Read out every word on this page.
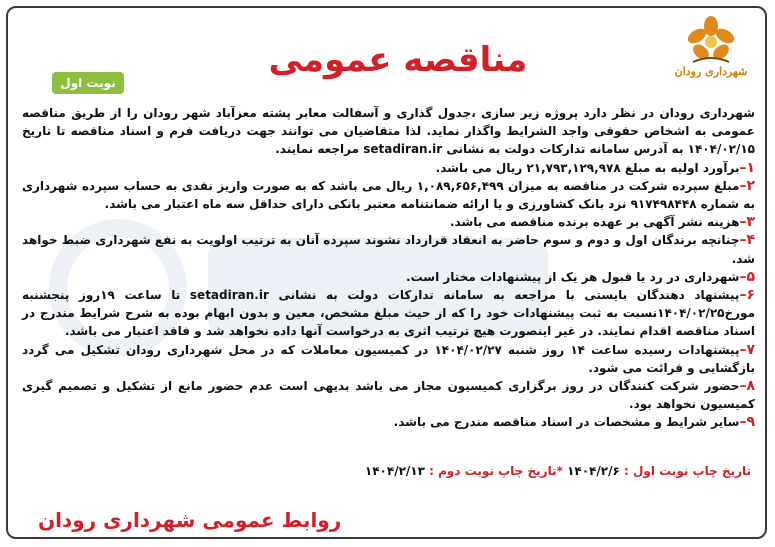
شهرداری رودان
مناقصه عمومی
نوبت اول

شهرداری رودان در نظر دارد پروژه زیر سازی ،جدول گذاری و آسفالت معابر پشته معزآباد شهر رودان را از طریق مناقصه عمومی به اشخاص حقوقی واجد الشرایط واگذار نماید. لذا متقاضیان می توانند جهت دریافت فرم و اسناد مناقصه تا تاریخ ۱۴۰۴/۰۲/۱۵ به آدرس سامانه تدارکات دولت به نشانی setadiran.ir مراجعه نمایند.

۱–برآورد اولیه به مبلغ ۲۱,۷۹۳,۱۲۹,۹۷۸ ریال می باشد.

۲–مبلغ سپرده شرکت در مناقصه به میزان ۱,۰۸۹,۶۵۶,۴۹۹ ریال می باشد که به صورت واریز نقدی به حساب سپرده شهرداری به شماره ۹۱۷۴۹۸۴۴۸ نزد بانک کشاورزی و یا ارائه ضمانتنامه معتبر بانکی دارای حداقل سه ماه اعتبار می باشد.

۳–هزینه نشر آگهی بر عهده برنده مناقصه می باشد.

۴–چنانچه برندگان اول و دوم و سوم حاضر به انعقاد قرارداد نشوند سپرده آنان به ترتیب اولویت به نفع شهرداری ضبط خواهد شد.

۵–شهرداری در رد یا قبول هر یک از پیشنهادات مختار است.

۶–پیشنهاد دهندگان بایستی با مراجعه به سامانه تدارکات دولت به نشانی setadiran.ir تا ساعت ۱۹روز پنجشنبه مورخ۱۴۰۴/۰۲/۲۵نسبت به ثبت پیشنهادات خود را که از حیث مبلغ مشخص، معین و بدون ابهام بوده به شرح شرایط مندرج در اسناد مناقصه اقدام نمایند. در غیر اینصورت هیچ ترتیب اثری به درخواست آنها داده نخواهد شد و فاقد اعتبار می باشد.

۷–پیشنهادات رسیده ساعت ۱۴ روز شنبه ۱۴۰۴/۰۲/۲۷ در کمیسیون معاملات که در محل شهرداری رودان تشکیل می گردد بازگشایی و قرائت می شود.

۸–حضور شرکت کنندگان در روز برگزاری کمیسیون مجاز می باشد بدیهی است عدم حضور مانع از تشکیل و تصمیم گیری کمیسیون نخواهد بود.

۹–سایر شرایط و مشخصات در اسناد مناقصه مندرج می باشد.

تاریخ چاپ نوبت اول : ۱۴۰۴/۲/۶ *تاریخ چاپ نوبت دوم : ۱۴۰۴/۲/۱۳
روابط عمومی شهرداری رودان
